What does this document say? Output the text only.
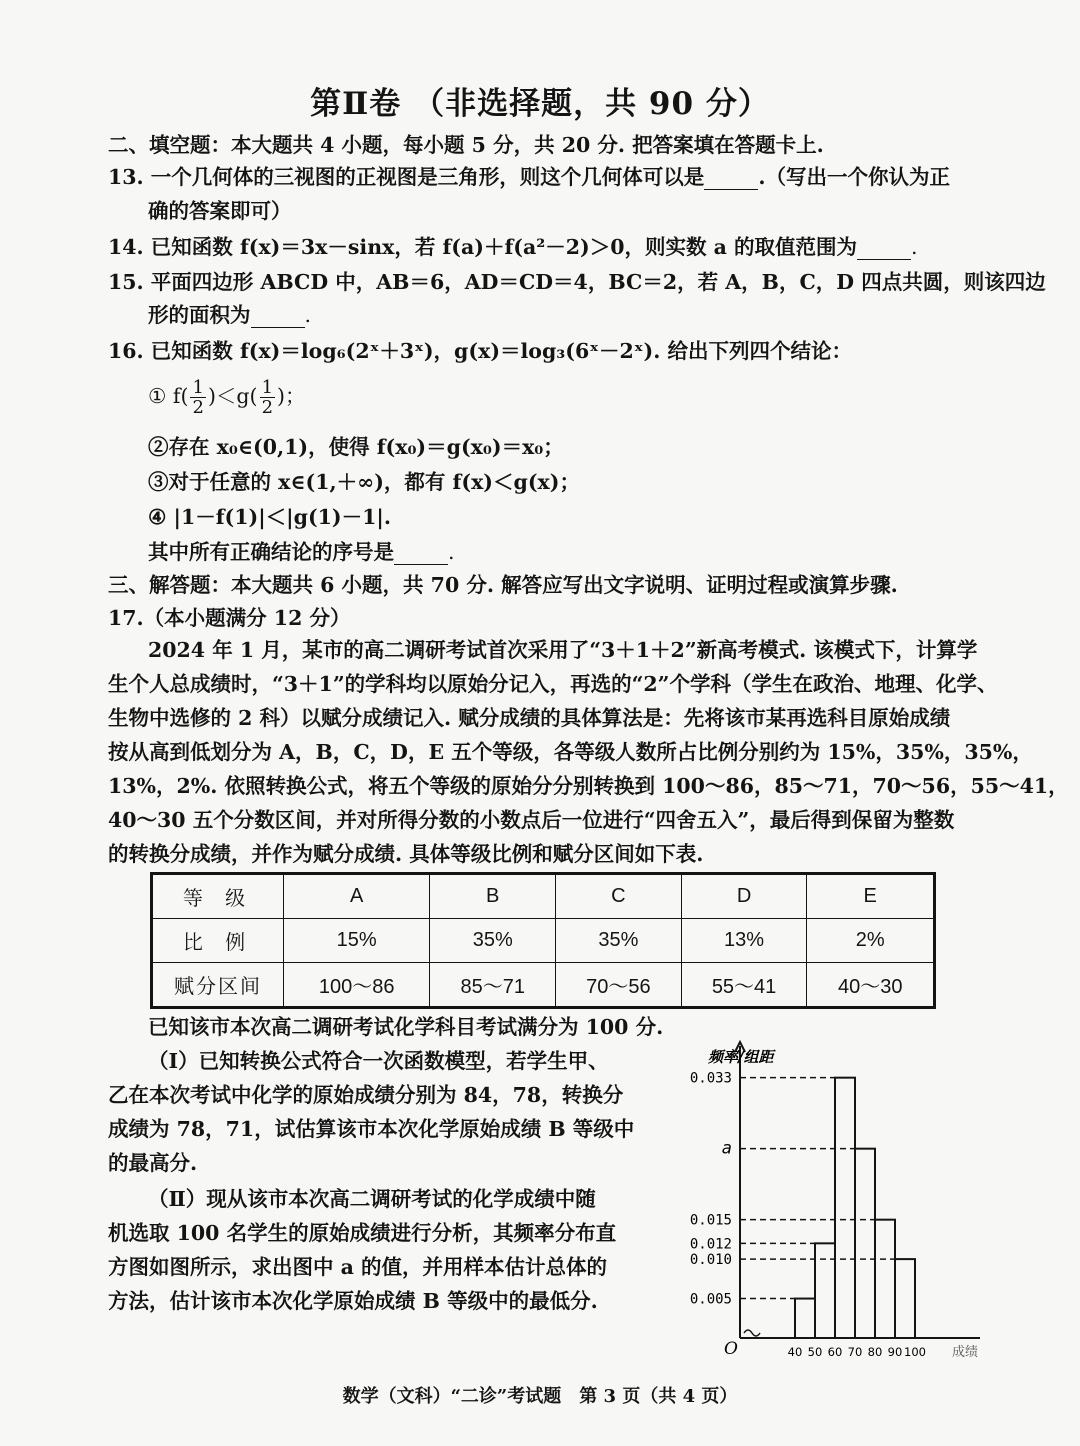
第Ⅱ卷 （非选择题，共 90 分）
二、填空题：本大题共 4 小题，每小题 5 分，共 20 分. 把答案填在答题卡上.
13. 一个几何体的三视图的正视图是三角形，则这个几何体可以是	.（写出一个你认为正
确的答案即可）
14. 已知函数 f(x)＝3x－sinx，若 f(a)＋f(a²－2)＞0，则实数 a 的取值范围为	.
15. 平面四边形 ABCD 中，AB＝6，AD＝CD＝4，BC＝2，若 A，B，C，D 四点共圆，则该四边
形的面积为	.
16. 已知函数 f(x)＝log₆(2ˣ＋3ˣ)，g(x)＝log₃(6ˣ－2ˣ). 给出下列四个结论：
① $f( \frac{1}{2} )<g( \frac{1}{2}$ )；
②存在 x₀∈(0,1)，使得 f(x₀)＝g(x₀)＝x₀；
③对于任意的 x∈(1,＋∞)，都有 f(x)＜g(x)；
④ |1－f(1)|＜|g(1)－1|.
其中所有正确结论的序号是	.
三、解答题：本大题共 6 小题，共 70 分. 解答应写出文字说明、证明过程或演算步骤.
17.（本小题满分 12 分）
2024 年 1 月，某市的高二调研考试首次采用了“3＋1＋2”新高考模式. 该模式下，计算学
生个人总成绩时，“3＋1”的学科均以原始分记入，再选的“2”个学科（学生在政治、地理、化学、
生物中选修的 2 科）以赋分成绩记入. 赋分成绩的具体算法是：先将该市某再选科目原始成绩
按从高到低划分为 A，B，C，D，E 五个等级，各等级人数所占比例分别约为 15%，35%，35%，
13%，2%. 依照转换公式，将五个等级的原始分分别转换到 100～86，85～71，70～56，55～41，
40～30 五个分数区间，并对所得分数的小数点后一位进行“四舍五入”，最后得到保留为整数
的转换分成绩，并作为赋分成绩. 具体等级比例和赋分区间如下表.
等 级	A	B	C	D	E
比 例	15%	35%	35%	13%	2%
赋分区间	100～86	85～71	70～56	55～41	40～30
已知该市本次高二调研考试化学科目考试满分为 100 分.
（Ⅰ）已知转换公式符合一次函数模型，若学生甲、
乙在本次考试中化学的原始成绩分别为 84，78，转换分
成绩为 78，71，试估算该市本次化学原始成绩 B 等级中
的最高分.
（Ⅱ）现从该市本次高二调研考试的化学成绩中随
机选取 100 名学生的原始成绩进行分析，其频率分布直
方图如图所示，求出图中 a 的值，并用样本估计总体的
方法，估计该市本次化学原始成绩 B 等级中的最低分.
频率/组距
O	成绩
0.033
a
0.015
0.012
0.010
0.005
40 50 60 70 80 90 100
数学（文科）“二诊”考试题　第 3 页（共 4 页）
